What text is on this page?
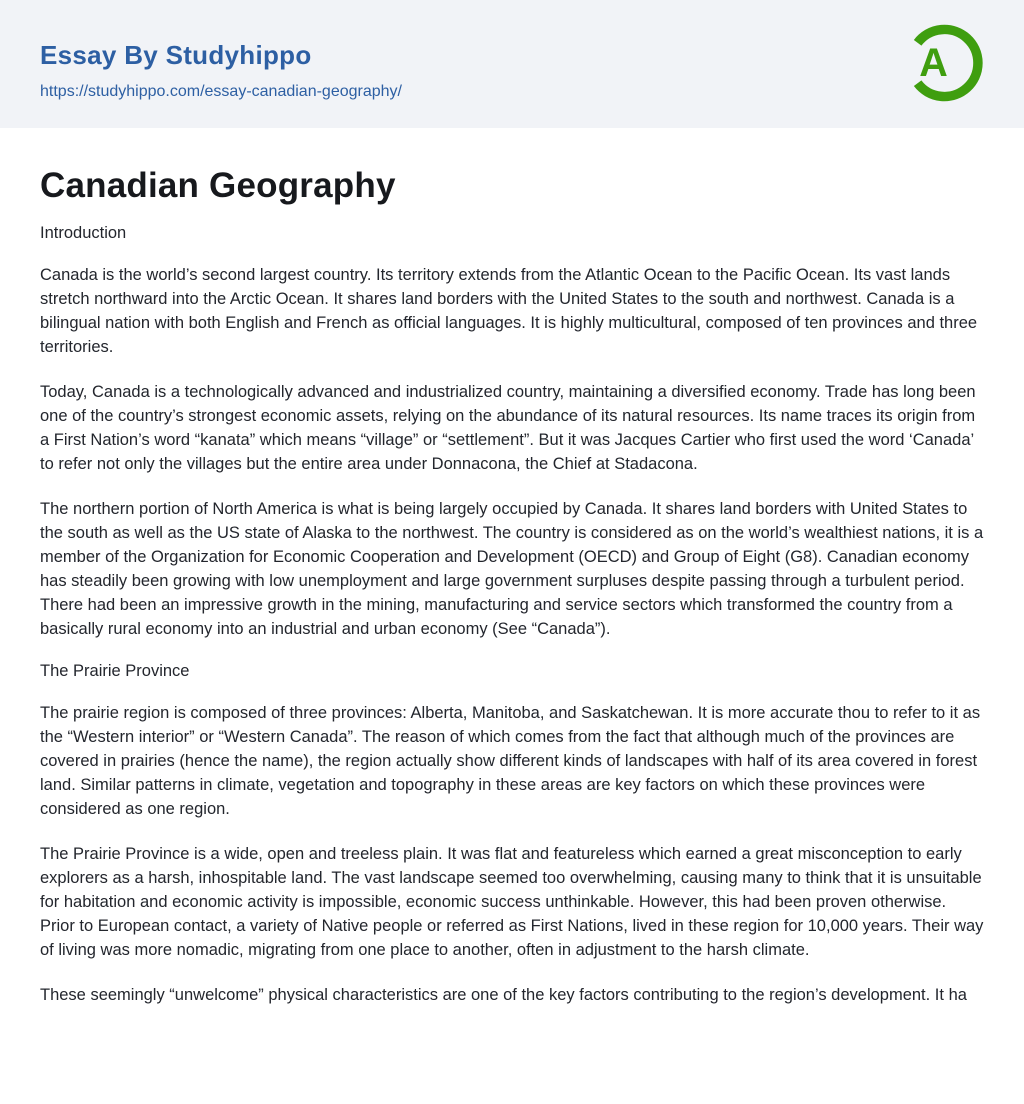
Essay By Studyhippo
https://studyhippo.com/essay-canadian-geography/
A
Canadian Geography

Introduction

Canada is the world’s second largest country. Its territory extends from the Atlantic Ocean to the Pacific Ocean. Its vast lands stretch northward into the Arctic Ocean. It shares land borders with the United States to the south and northwest. Canada is a bilingual nation with both English and French as official languages. It is highly multicultural, composed of ten provinces and three territories.

Today, Canada is a technologically advanced and industrialized country, maintaining a diversified economy. Trade has long been one of the country’s strongest economic assets, relying on the abundance of its natural resources. Its name traces its origin from a First Nation’s word “kanata” which means “village” or “settlement”. But it was Jacques Cartier who first used the word ‘Canada’ to refer not only the villages but the entire area under Donnacona, the Chief at Stadacona.

The northern portion of North America is what is being largely occupied by Canada. It shares land borders with United States to the south as well as the US state of Alaska to the northwest. The country is considered as on the world’s wealthiest nations, it is a member of the Organization for Economic Cooperation and Development (OECD) and Group of Eight (G8). Canadian economy has steadily been growing with low unemployment and large government surpluses despite passing through a turbulent period. There had been an impressive growth in the mining, manufacturing and service sectors which transformed the country from a basically rural economy into an industrial and urban economy (See “Canada”).

The Prairie Province

The prairie region is composed of three provinces: Alberta, Manitoba, and Saskatchewan. It is more accurate thou to refer to it as the “Western interior” or “Western Canada”. The reason of which comes from the fact that although much of the provinces are covered in prairies (hence the name), the region actually show different kinds of landscapes with half of its area covered in forest land. Similar patterns in climate, vegetation and topography in these areas are key factors on which these provinces were considered as one region.

The Prairie Province is a wide, open and treeless plain. It was flat and featureless which earned a great misconception to early explorers as a harsh, inhospitable land. The vast landscape seemed too overwhelming, causing many to think that it is unsuitable for habitation and economic activity is impossible, economic success unthinkable. However, this had been proven otherwise. Prior to European contact, a variety of Native people or referred as First Nations, lived in these region for 10,000 years. Their way of living was more nomadic, migrating from one place to another, often in adjustment to the harsh climate.

These seemingly “unwelcome” physical characteristics are one of the key factors contributing to the region’s development. It ha
